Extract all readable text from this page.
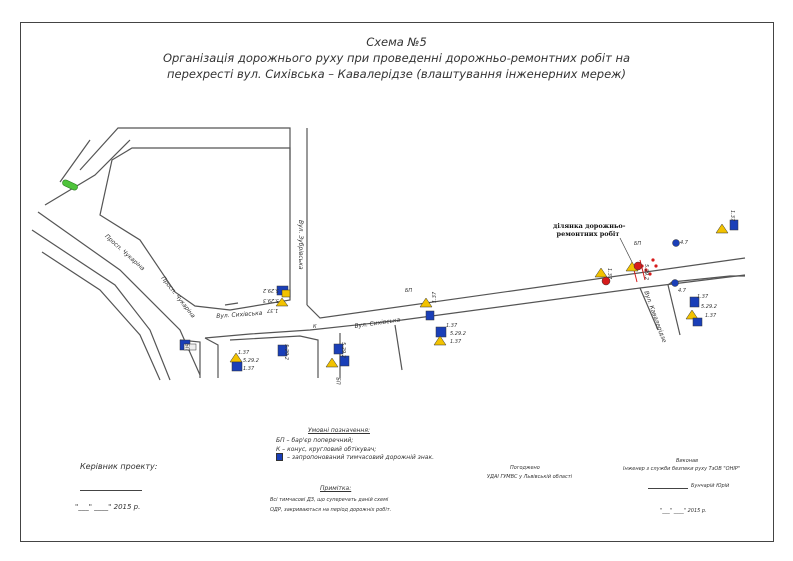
Схема №5
Організація дорожнього руху при проведенні дорожньо-ремонтних робіт на
перехресті вул. Сихівська – Кавалерідзе (влаштування інженерних мереж)
Просп. Чукаріна
Просп. Чукаріна
Вул. Зубрівська
Вул. Сихівська
Вул. Сихівська	Вул. Кавалерідзе
ділянка дорожньо-
ремонтних робіт
БП
БП
БП
БП
К
1.37
5.29.3
5.29.2
1.37
5.29.2
1.37
5.29.2
1.37
5.29.2
1.37
5.29.2
1.37
5.29.2
1.37
1.37
5.29.2
1.37
1.37
4.7
4.7
Умовні позначення:
БП – бар'єр поперечний;
К – конус, кругловий обтікувач;
– запропонований тимчасовий дорожній знак.
Примітка:
Всі тимчасові ДЗ, що суперечать даній схемі
ОДР, закриваються на період дорожніх робіт.
Керівник проекту:
"___" ____" 2015 р.
Погоджено
УДАІ ГУМВС у Львівській області
Виконав
Інженер з служби безпеки руху ТзОВ "ОНІР"
Бунчарій Юрій
"___" ____" 2015 р.
